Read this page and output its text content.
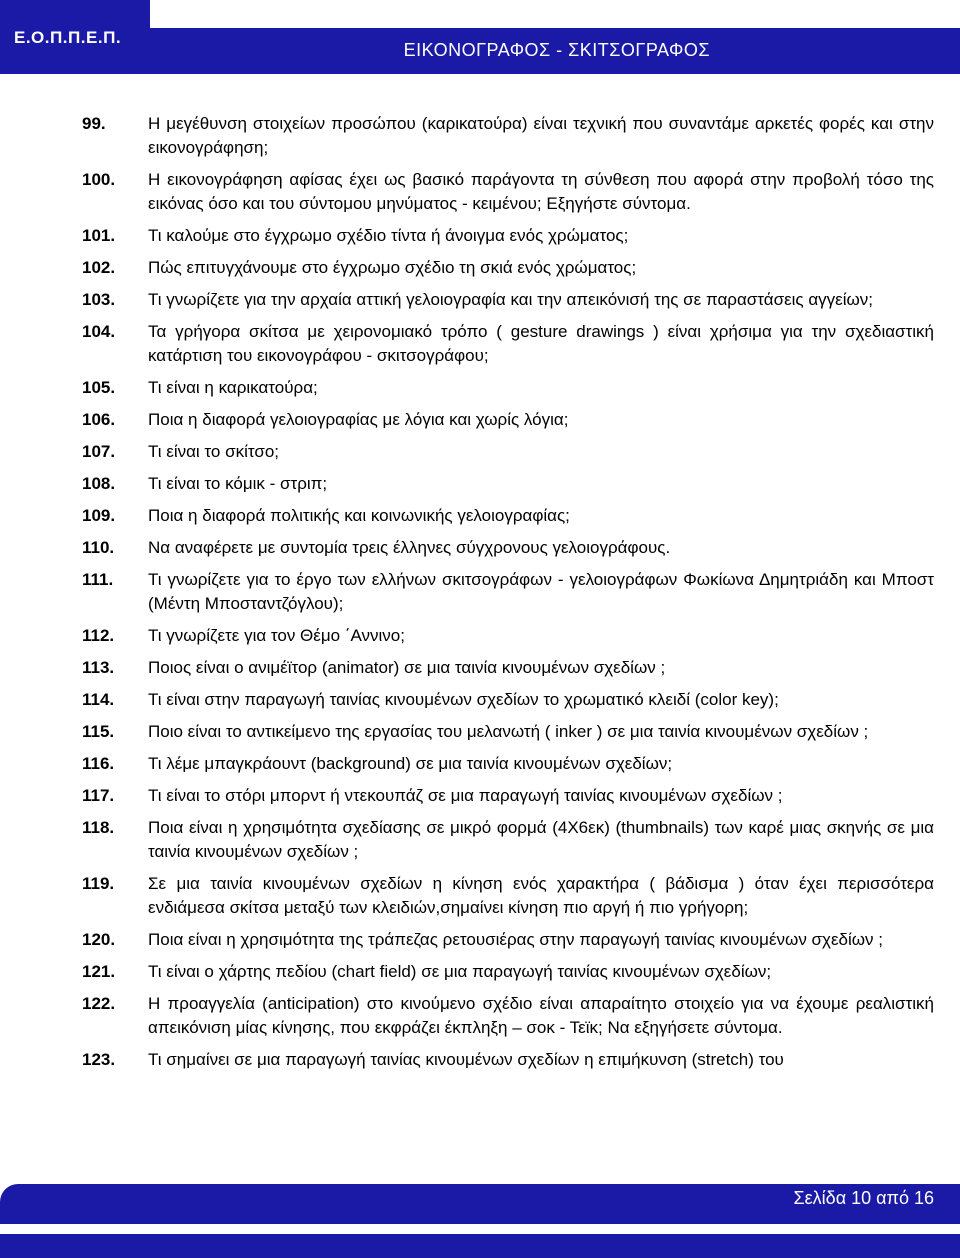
Ε.Ο.Π.Π.Ε.Π.
ΕΙΚΟΝΟΓΡΑΦΟΣ - ΣΚΙΤΣΟΓΡΑΦΟΣ
99.	Η μεγέθυνση στοιχείων προσώπου (καρικατούρα) είναι τεχνική που συναντάμε αρκετές φορές και στην εικονογράφηση;
100.	Η εικονογράφηση αφίσας έχει ως βασικό παράγοντα τη σύνθεση που αφορά στην προβολή τόσο της εικόνας όσο και του σύντομου μηνύματος - κειμένου; Εξηγήστε σύντομα.
101.	Τι καλούμε στο έγχρωμο σχέδιο τίντα ή άνοιγμα ενός χρώματος;
102.	Πώς επιτυγχάνουμε στο έγχρωμο σχέδιο τη σκιά ενός χρώματος;
103.	Τι γνωρίζετε για την αρχαία αττική γελοιογραφία και την απεικόνισή της σε παραστάσεις αγγείων;
104.	Τα γρήγορα σκίτσα με χειρονομιακό τρόπο ( gesture drawings ) είναι χρήσιμα για την σχεδιαστική κατάρτιση του εικονογράφου - σκιτσογράφου;
105.	Τι είναι η καρικατούρα;
106.	Ποια η διαφορά γελοιογραφίας με λόγια και χωρίς λόγια;
107.	Τι είναι το σκίτσο;
108.	Τι είναι το κόμικ - στριπ;
109.	Ποια η διαφορά πολιτικής και κοινωνικής γελοιογραφίας;
110.	Να αναφέρετε με συντομία τρεις έλληνες σύγχρονους γελοιογράφους.
111.	Τι γνωρίζετε για το έργο των ελλήνων σκιτσογράφων - γελοιογράφων Φωκίωνα Δημητριάδη και Μποστ (Μέντη Μποσταντζόγλου);
112.	Τι γνωρίζετε για τον Θέμο ΄Αννινο;
113.	Ποιος είναι ο ανιμέϊτορ (animator) σε μια ταινία κινουμένων σχεδίων ;
114.	Τι είναι στην παραγωγή ταινίας κινουμένων σχεδίων το χρωματικό κλειδί (color key);
115.	Ποιο είναι το αντικείμενο της εργασίας του μελανωτή ( inker ) σε μια ταινία κινουμένων σχεδίων ;
116.	Τι λέμε μπαγκράουντ (background) σε μια ταινία κινουμένων σχεδίων;
117.	Τι είναι το στόρι μπορντ ή ντεκουπάζ σε μια παραγωγή ταινίας κινουμένων σχεδίων ;
118.	Ποια είναι η χρησιμότητα σχεδίασης σε μικρό φορμά (4Χ6εκ) (thumbnails) των καρέ μιας σκηνής σε μια ταινία κινουμένων σχεδίων ;
119.	Σε μια ταινία κινουμένων σχεδίων η κίνηση ενός χαρακτήρα ( βάδισμα ) όταν έχει περισσότερα ενδιάμεσα σκίτσα μεταξύ των κλειδιών,σημαίνει κίνηση πιο αργή ή πιο γρήγορη;
120.	Ποια είναι η χρησιμότητα της τράπεζας ρετουσιέρας στην παραγωγή ταινίας κινουμένων σχεδίων ;
121.	Τι είναι ο χάρτης πεδίου (chart field) σε μια παραγωγή ταινίας κινουμένων σχεδίων;
122.	Η προαγγελία (anticipation) στο κινούμενο σχέδιο είναι απαραίτητο στοιχείο για να έχουμε ρεαλιστική απεικόνιση μίας κίνησης, που εκφράζει έκπληξη – σοκ - Τεϊκ; Να εξηγήσετε σύντομα.
123.	Τι σημαίνει σε μια παραγωγή ταινίας κινουμένων σχεδίων η επιμήκυνση (stretch) του
Σελίδα 10 από 16
